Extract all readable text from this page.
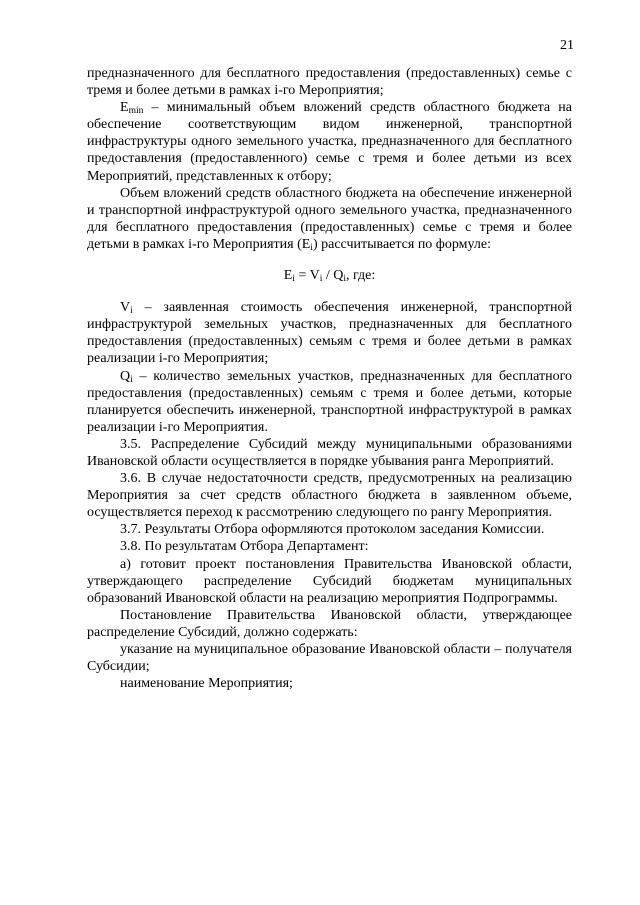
21

предназначенного для бесплатного предоставления (предоставленных) семье с тремя и более детьми в рамках i-го Мероприятия;

$E_{min}$ – минимальный объем вложений средств областного бюджета на обеспечение соответствующим видом инженерной, транспортной инфраструктуры одного земельного участка, предназначенного для бесплатного предоставления (предоставленного) семье с тремя и более детьми из всех Мероприятий, представленных к отбору;

Объем вложений средств областного бюджета на обеспечение инженерной и транспортной инфраструктурой одного земельного участка, предназначенного для бесплатного предоставления (предоставленных) семье с тремя и более детьми в рамках i-го Мероприятия $(E_i)$ рассчитывается по формуле:

$E_i = V_i / Q_i$, где:

$V_i$ – заявленная стоимость обеспечения инженерной, транспортной инфраструктурой земельных участков, предназначенных для бесплатного предоставления (предоставленных) семьям с тремя и более детьми в рамках реализации i-го Мероприятия;

$Q_i$ – количество земельных участков, предназначенных для бесплатного предоставления (предоставленных) семьям с тремя и более детьми, которые планируется обеспечить инженерной, транспортной инфраструктурой в рамках реализации i-го Мероприятия.

3.5. Распределение Субсидий между муниципальными образованиями Ивановской области осуществляется в порядке убывания ранга Мероприятий.

3.6. В случае недостаточности средств, предусмотренных на реализацию Мероприятия за счет средств областного бюджета в заявленном объеме, осуществляется переход к рассмотрению следующего по рангу Мероприятия.

3.7. Результаты Отбора оформляются протоколом заседания Комиссии.

3.8. По результатам Отбора Департамент:

а) готовит проект постановления Правительства Ивановской области, утверждающего распределение Субсидий бюджетам муниципальных образований Ивановской области на реализацию мероприятия Подпрограммы.

Постановление Правительства Ивановской области, утверждающее распределение Субсидий, должно содержать:

указание на муниципальное образование Ивановской области – получателя Субсидии;

наименование Мероприятия;
